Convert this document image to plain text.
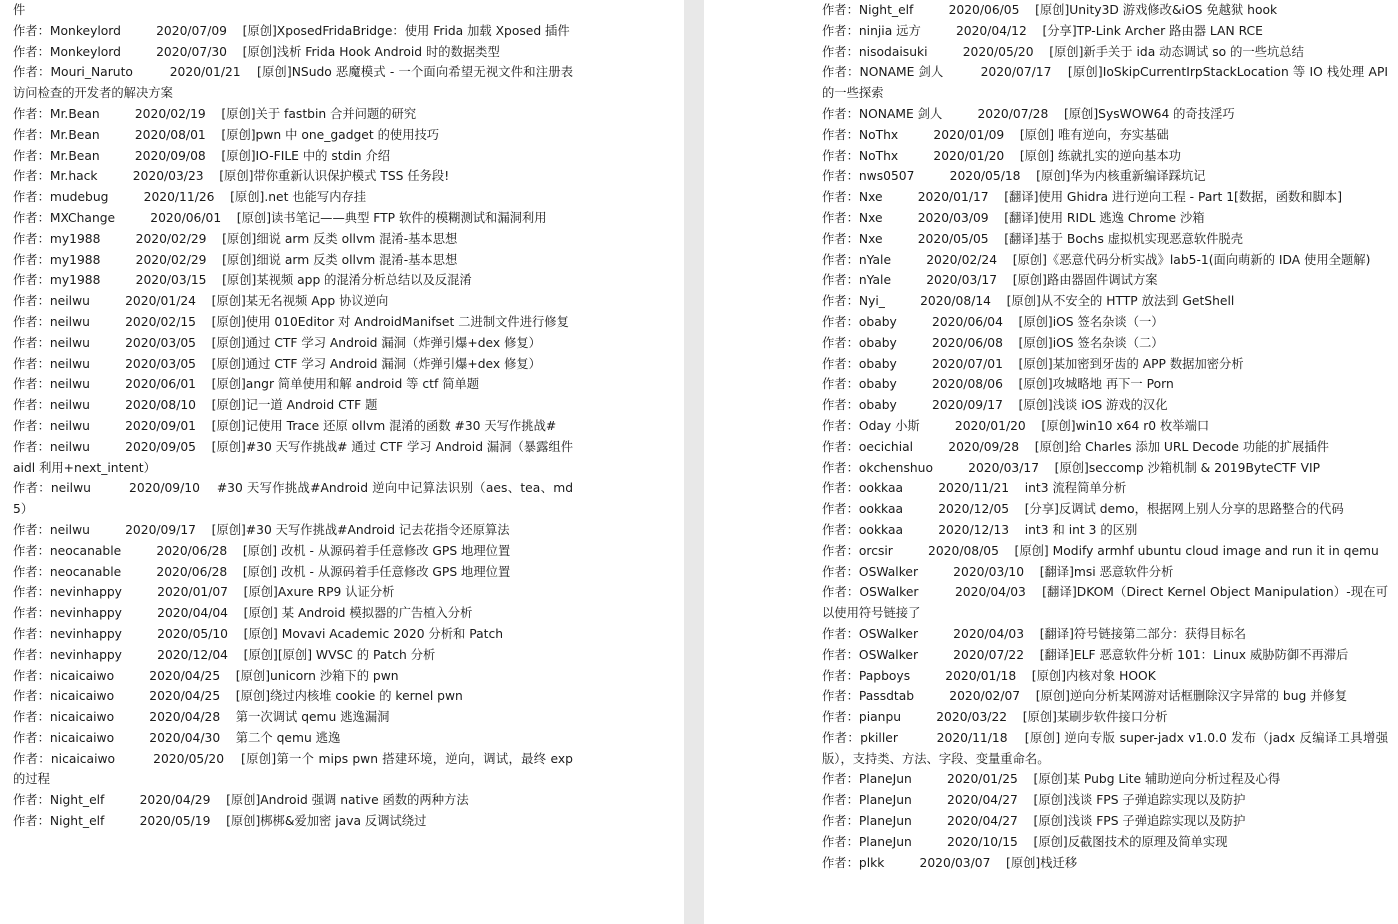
件
作者：Monkeylord         2020/07/09    [原创]XposedFridaBridge：使用 Frida 加载 Xposed 插件
作者：Monkeylord         2020/07/30    [原创]浅析 Frida Hook Android 时的数据类型
作者：Mouri_Naruto         2020/01/21    [原创]NSudo 恶魔模式 - 一个面向希望无视文件和注册表访问检查的开发者的解决方案
作者：Mr.Bean         2020/02/19    [原创]关于 fastbin 合并问题的研究
作者：Mr.Bean         2020/08/01    [原创]pwn 中 one_gadget 的使用技巧
作者：Mr.Bean         2020/09/08    [原创]IO-FILE 中的 stdin 介绍
作者：Mr.hack         2020/03/23    [原创]带你重新认识保护模式 TSS 任务段!
作者：mudebug         2020/11/26    [原创].net 也能写内存挂
作者：MXChange         2020/06/01    [原创]读书笔记——典型 FTP 软件的模糊测试和漏洞利用
作者：my1988         2020/02/29    [原创]细说 arm 反类 ollvm 混淆-基本思想
作者：my1988         2020/02/29    [原创]细说 arm 反类 ollvm 混淆-基本思想
作者：my1988         2020/03/15    [原创]某视频 app 的混淆分析总结以及反混淆
作者：neilwu         2020/01/24    [原创]某无名视频 App 协议逆向
作者：neilwu         2020/02/15    [原创]使用 010Editor 对 AndroidManifset 二进制文件进行修复
作者：neilwu         2020/03/05    [原创]通过 CTF 学习 Android 漏洞（炸弹引爆+dex 修复）
作者：neilwu         2020/03/05    [原创]通过 CTF 学习 Android 漏洞（炸弹引爆+dex 修复）
作者：neilwu         2020/06/01    [原创]angr 简单使用和解 android 等 ctf 简单题
作者：neilwu         2020/08/10    [原创]记一道 Android CTF 题
作者：neilwu         2020/09/01    [原创]记使用 Trace 还原 ollvm 混淆的函数 #30 天写作挑战#
作者：neilwu         2020/09/05    [原创]#30 天写作挑战# 通过 CTF 学习 Android 漏洞（暴露组件 aidl 利用+next_intent）
作者：neilwu         2020/09/10    #30 天写作挑战#Android 逆向中记算法识别（aes、tea、md5）
作者：neilwu         2020/09/17    [原创]#30 天写作挑战#Android 记去花指令还原算法
作者：neocanable         2020/06/28    [原创] 改机 - 从源码着手任意修改 GPS 地理位置
作者：neocanable         2020/06/28    [原创] 改机 - 从源码着手任意修改 GPS 地理位置
作者：nevinhappy         2020/01/07    [原创]Axure RP9 认证分析
作者：nevinhappy         2020/04/04    [原创] 某 Android 模拟器的广告植入分析
作者：nevinhappy         2020/05/10    [原创] Movavi Academic 2020 分析和 Patch
作者：nevinhappy         2020/12/04    [原创][原创] WVSC 的 Patch 分析
作者：nicaicaiwo         2020/04/25    [原创]unicorn 沙箱下的 pwn
作者：nicaicaiwo         2020/04/25    [原创]绕过内核堆 cookie 的 kernel pwn
作者：nicaicaiwo         2020/04/28    第一次调试 qemu 逃逸漏洞
作者：nicaicaiwo         2020/04/30    第二个 qemu 逃逸
作者：nicaicaiwo         2020/05/20    [原创]第一个 mips pwn 搭建环境，逆向，调试，最终 exp 的过程
作者：Night_elf         2020/04/29    [原创]Android 强调 native 函数的两种方法
作者：Night_elf         2020/05/19    [原创]梆梆&爱加密 java 反调试绕过
作者：Night_elf         2020/06/05    [原创]Unity3D 游戏修改&iOS 免越狱 hook
作者：ninjia 远方         2020/04/12    [分享]TP-Link Archer 路由器 LAN RCE
作者：nisodaisuki         2020/05/20    [原创]新手关于 ida 动态调试 so 的一些坑总结
作者：NONAME 剑人         2020/07/17    [原创]IoSkipCurrentIrpStackLocation 等 IO 栈处理 API 的一些探索
作者：NONAME 剑人         2020/07/28    [原创]SysWOW64 的奇技淫巧
作者：NoThx         2020/01/09    [原创] 唯有逆向，夯实基础
作者：NoThx         2020/01/20    [原创] 练就扎实的逆向基本功
作者：nws0507         2020/05/18    [原创]华为内核重新编译踩坑记
作者：Nxe         2020/01/17    [翻译]使用 Ghidra 进行逆向工程 - Part 1[数据，函数和脚本]
作者：Nxe         2020/03/09    [翻译]使用 RIDL 逃逸 Chrome 沙箱
作者：Nxe         2020/05/05    [翻译]基于 Bochs 虚拟机实现恶意软件脱壳
作者：nYale         2020/02/24    [原创]《恶意代码分析实战》lab5-1(面向萌新的 IDA 使用全题解)
作者：nYale         2020/03/17    [原创]路由器固件调试方案
作者：Nyi_         2020/08/14    [原创]从不安全的 HTTP 放法到 GetShell
作者：obaby         2020/06/04    [原创]iOS 签名杂谈（一）
作者：obaby         2020/06/08    [原创]iOS 签名杂谈（二）
作者：obaby         2020/07/01    [原创]某加密到牙齿的 APP 数据加密分析
作者：obaby         2020/08/06    [原创]攻城略地 再下一 Porn
作者：obaby         2020/09/17    [原创]浅谈 iOS 游戏的汉化
作者：Oday 小斯         2020/01/20    [原创]win10 x64 r0 枚举端口
作者：oecichial         2020/09/28    [原创]给 Charles 添加 URL Decode 功能的扩展插件
作者：okchenshuo         2020/03/17    [原创]seccomp 沙箱机制 & 2019ByteCTF VIP
作者：ookkaa         2020/11/21    int3 流程简单分析
作者：ookkaa         2020/12/05    [分享]反调试 demo，根据网上别人分享的思路整合的代码
作者：ookkaa         2020/12/13    int3 和 int 3 的区别
作者：orcsir         2020/08/05    [原创] Modify armhf ubuntu cloud image and run it in qemu
作者：OSWalker         2020/03/10    [翻译]msi 恶意软件分析
作者：OSWalker         2020/04/03    [翻译]DKOM（Direct Kernel Object Manipulation）-现在可以使用符号链接了
作者：OSWalker         2020/04/03    [翻译]符号链接第二部分：获得目标名
作者：OSWalker         2020/07/22    [翻译]ELF 恶意软件分析 101：Linux 威胁防御不再滞后
作者：Papboys         2020/01/18    [原创]内核对象 HOOK
作者：Passdtab         2020/02/07    [原创]逆向分析某网游对话框删除汉字异常的 bug 并修复
作者：pianpu         2020/03/22    [原创]某刷步软件接口分析
作者：pkiller         2020/11/18    [原创] 逆向专版 super-jadx v1.0.0 发布（jadx 反编译工具增强版），支持类、方法、字段、变量重命名。
作者：PlaneJun         2020/01/25    [原创]某 Pubg Lite 辅助逆向分析过程及心得
作者：PlaneJun         2020/04/27    [原创]浅谈 FPS 子弹追踪实现以及防护
作者：PlaneJun         2020/04/27    [原创]浅谈 FPS 子弹追踪实现以及防护
作者：PlaneJun         2020/10/15    [原创]反截图技术的原理及简单实现
作者：plkk         2020/03/07    [原创]栈迁移
